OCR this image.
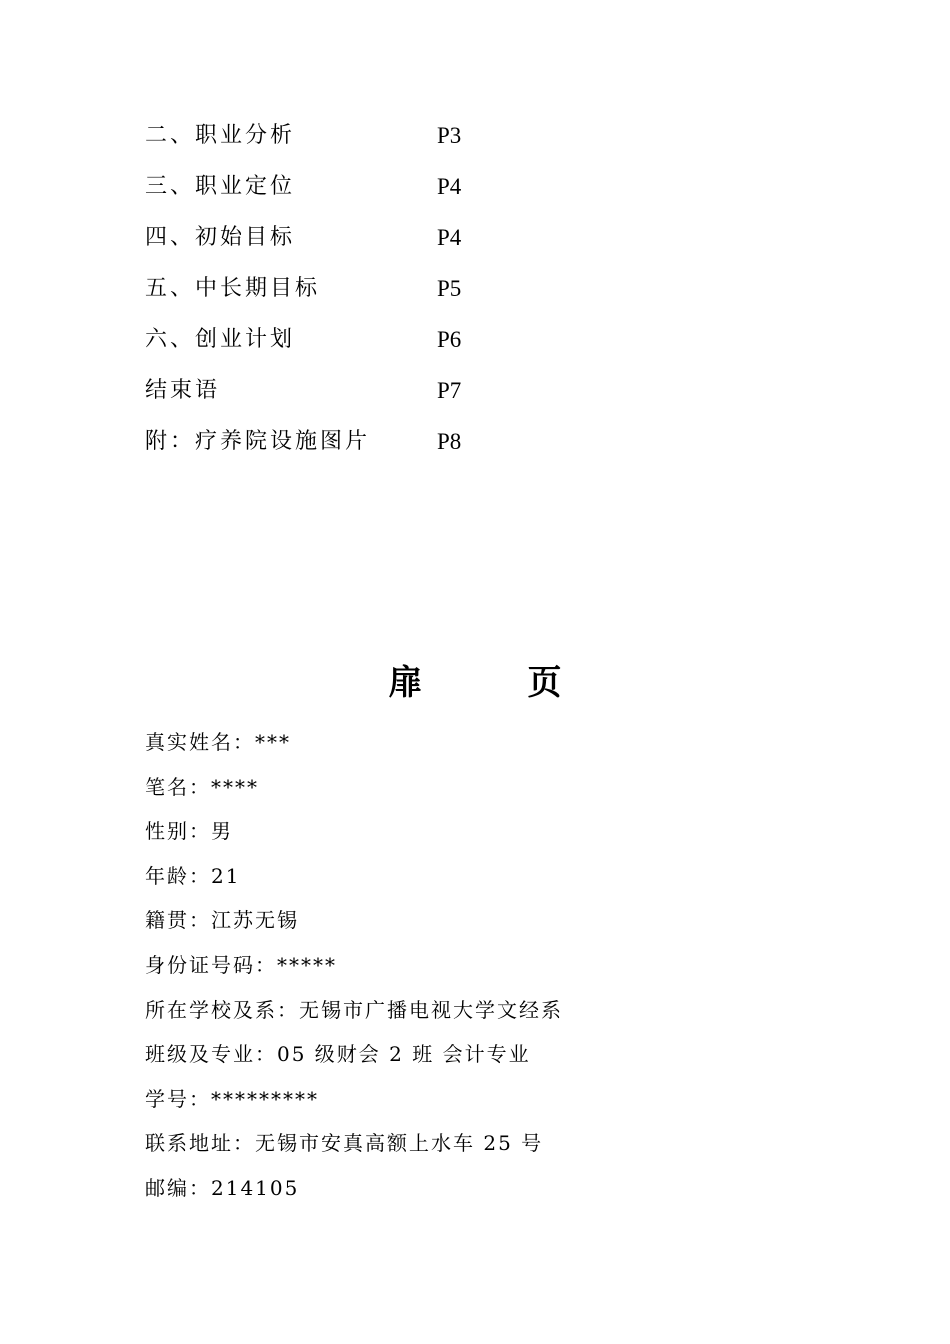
二、职业分析	P3
三、职业定位	P4
四、初始目标	P4
五、中长期目标	P5
六、创业计划	P6
结束语	P7
附：疗养院设施图片	P8
扉	页
真实姓名：***
笔名：****
性别：男
年龄：21
籍贯：江苏无锡
身份证号码：*****
所在学校及系：无锡市广播电视大学文经系
班级及专业：05 级财会 2 班 会计专业
学号：*********
联系地址：无锡市安真高额上水车 25 号
邮编：214105
